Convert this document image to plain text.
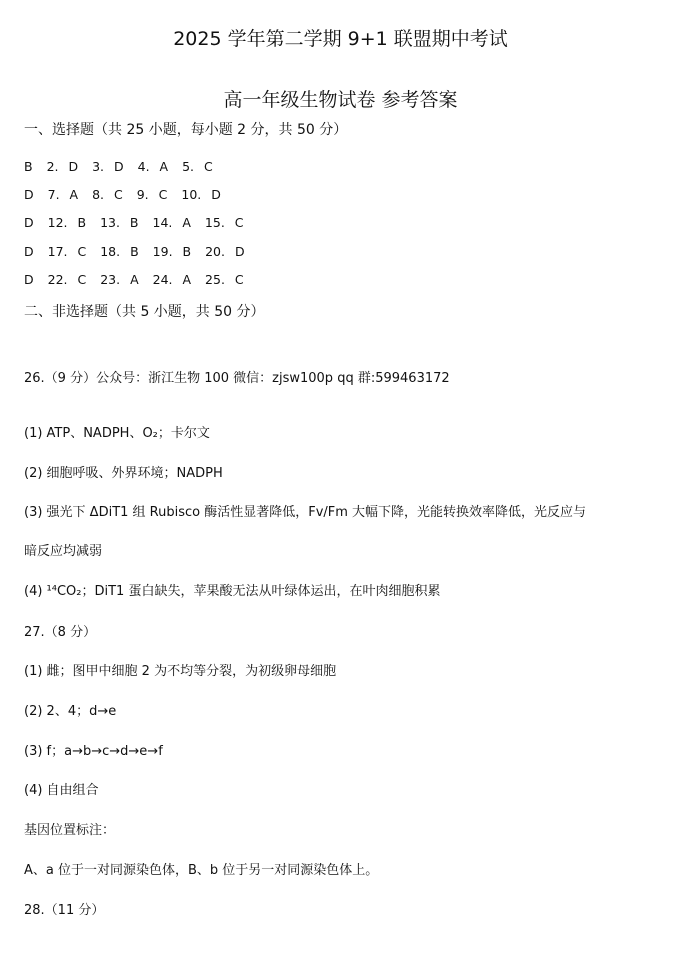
2025 学年第二学期 9+1 联盟期中考试
高一年级生物试卷 参考答案
一、选择题（共 25 小题，每小题 2 分，共 50 分）
B 2. D 3. D 4. A 5. C
D 7. A 8. C 9. C 10. D
D 12. B 13. B 14. A 15. C
D 17. C 18. B 19. B 20. D
D 22. C 23. A 24. A 25. C
二、非选择题（共 5 小题，共 50 分）
26.（9 分）公众号：浙江生物 100 微信：zjsw100p qq 群:599463172
(1) ATP、NADPH、O₂；卡尔文
(2) 细胞呼吸、外界环境；NADPH
(3) 强光下 ΔDiT1 组 Rubisco 酶活性显著降低，Fv/Fm 大幅下降，光能转换效率降低，光反应与
暗反应均减弱
(4) ¹⁴CO₂；DiT1 蛋白缺失，苹果酸无法从叶绿体运出，在叶肉细胞积累
27.（8 分）
(1) 雌；图甲中细胞 2 为不均等分裂，为初级卵母细胞
(2) 2、4；d→e
(3) f；a→b→c→d→e→f
(4) 自由组合
基因位置标注：
A、a 位于一对同源染色体，B、b 位于另一对同源染色体上。
28.（11 分）
